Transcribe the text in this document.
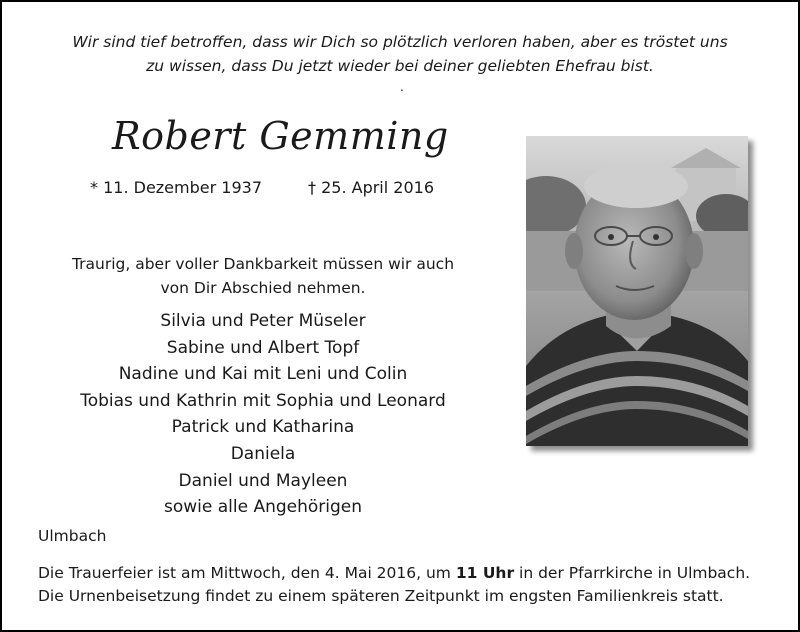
Wir sind tief betroffen, dass wir Dich so plötzlich verloren haben, aber es tröstet uns
zu wissen, dass Du jetzt wieder bei deiner geliebten Ehefrau bist.
.
Robert Gemming
* 11. Dezember 1937	† 25. April 2016
Traurig, aber voller Dankbarkeit müssen wir auch
von Dir Abschied nehmen.
Silvia und Peter Müseler
Sabine und Albert Topf
Nadine und Kai mit Leni und Colin
Tobias und Kathrin mit Sophia und Leonard
Patrick und Katharina
Daniela
Daniel und Mayleen
sowie alle Angehörigen
Ulmbach
Die Trauerfeier ist am Mittwoch, den 4. Mai 2016, um 11 Uhr in der Pfarrkirche in Ulmbach.
Die Urnenbeisetzung findet zu einem späteren Zeitpunkt im engsten Familienkreis statt.
